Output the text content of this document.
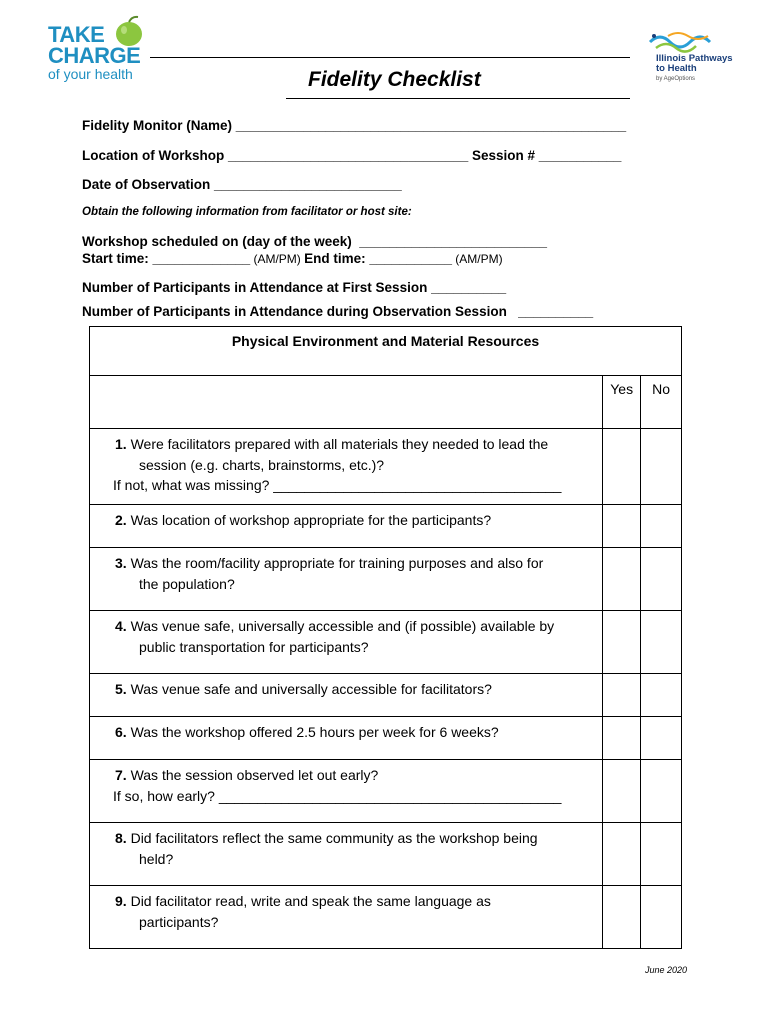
TAKE
CHARGE
of your health
Illinois Pathways
to Health
by AgeOptions
Fidelity Checklist
Fidelity Monitor (Name) ____________________________________________________
Location of Workshop ________________________________ Session # ___________
Date of Observation _________________________
Obtain the following information from facilitator or host site:
Workshop scheduled on (day of the week)  _________________________
Start time: _____________ (AM/PM) End time: ___________ (AM/PM)
Number of Participants in Attendance at First Session __________
Number of Participants in Attendance during Observation Session   __________
Physical Environment and Material Resources		
	Yes	No

1. Were facilitators prepared with all materials they needed to lead the
session (e.g. charts, brainstorms, etc.)?
If not, what was missing? _____________________________________		

2. Was location of workshop appropriate for the participants?		

3. Was the room/facility appropriate for training purposes and also for
the population?		

4. Was venue safe, universally accessible and (if possible) available by
public transportation for participants?		

5. Was venue safe and universally accessible for facilitators?		

6. Was the workshop offered 2.5 hours per week for 6 weeks?		

7. Was the session observed let out early?
If so, how early? ____________________________________________		

8. Did facilitators reflect the same community as the workshop being
held?		

9. Did facilitator read, write and speak the same language as
participants?		

June 2020
